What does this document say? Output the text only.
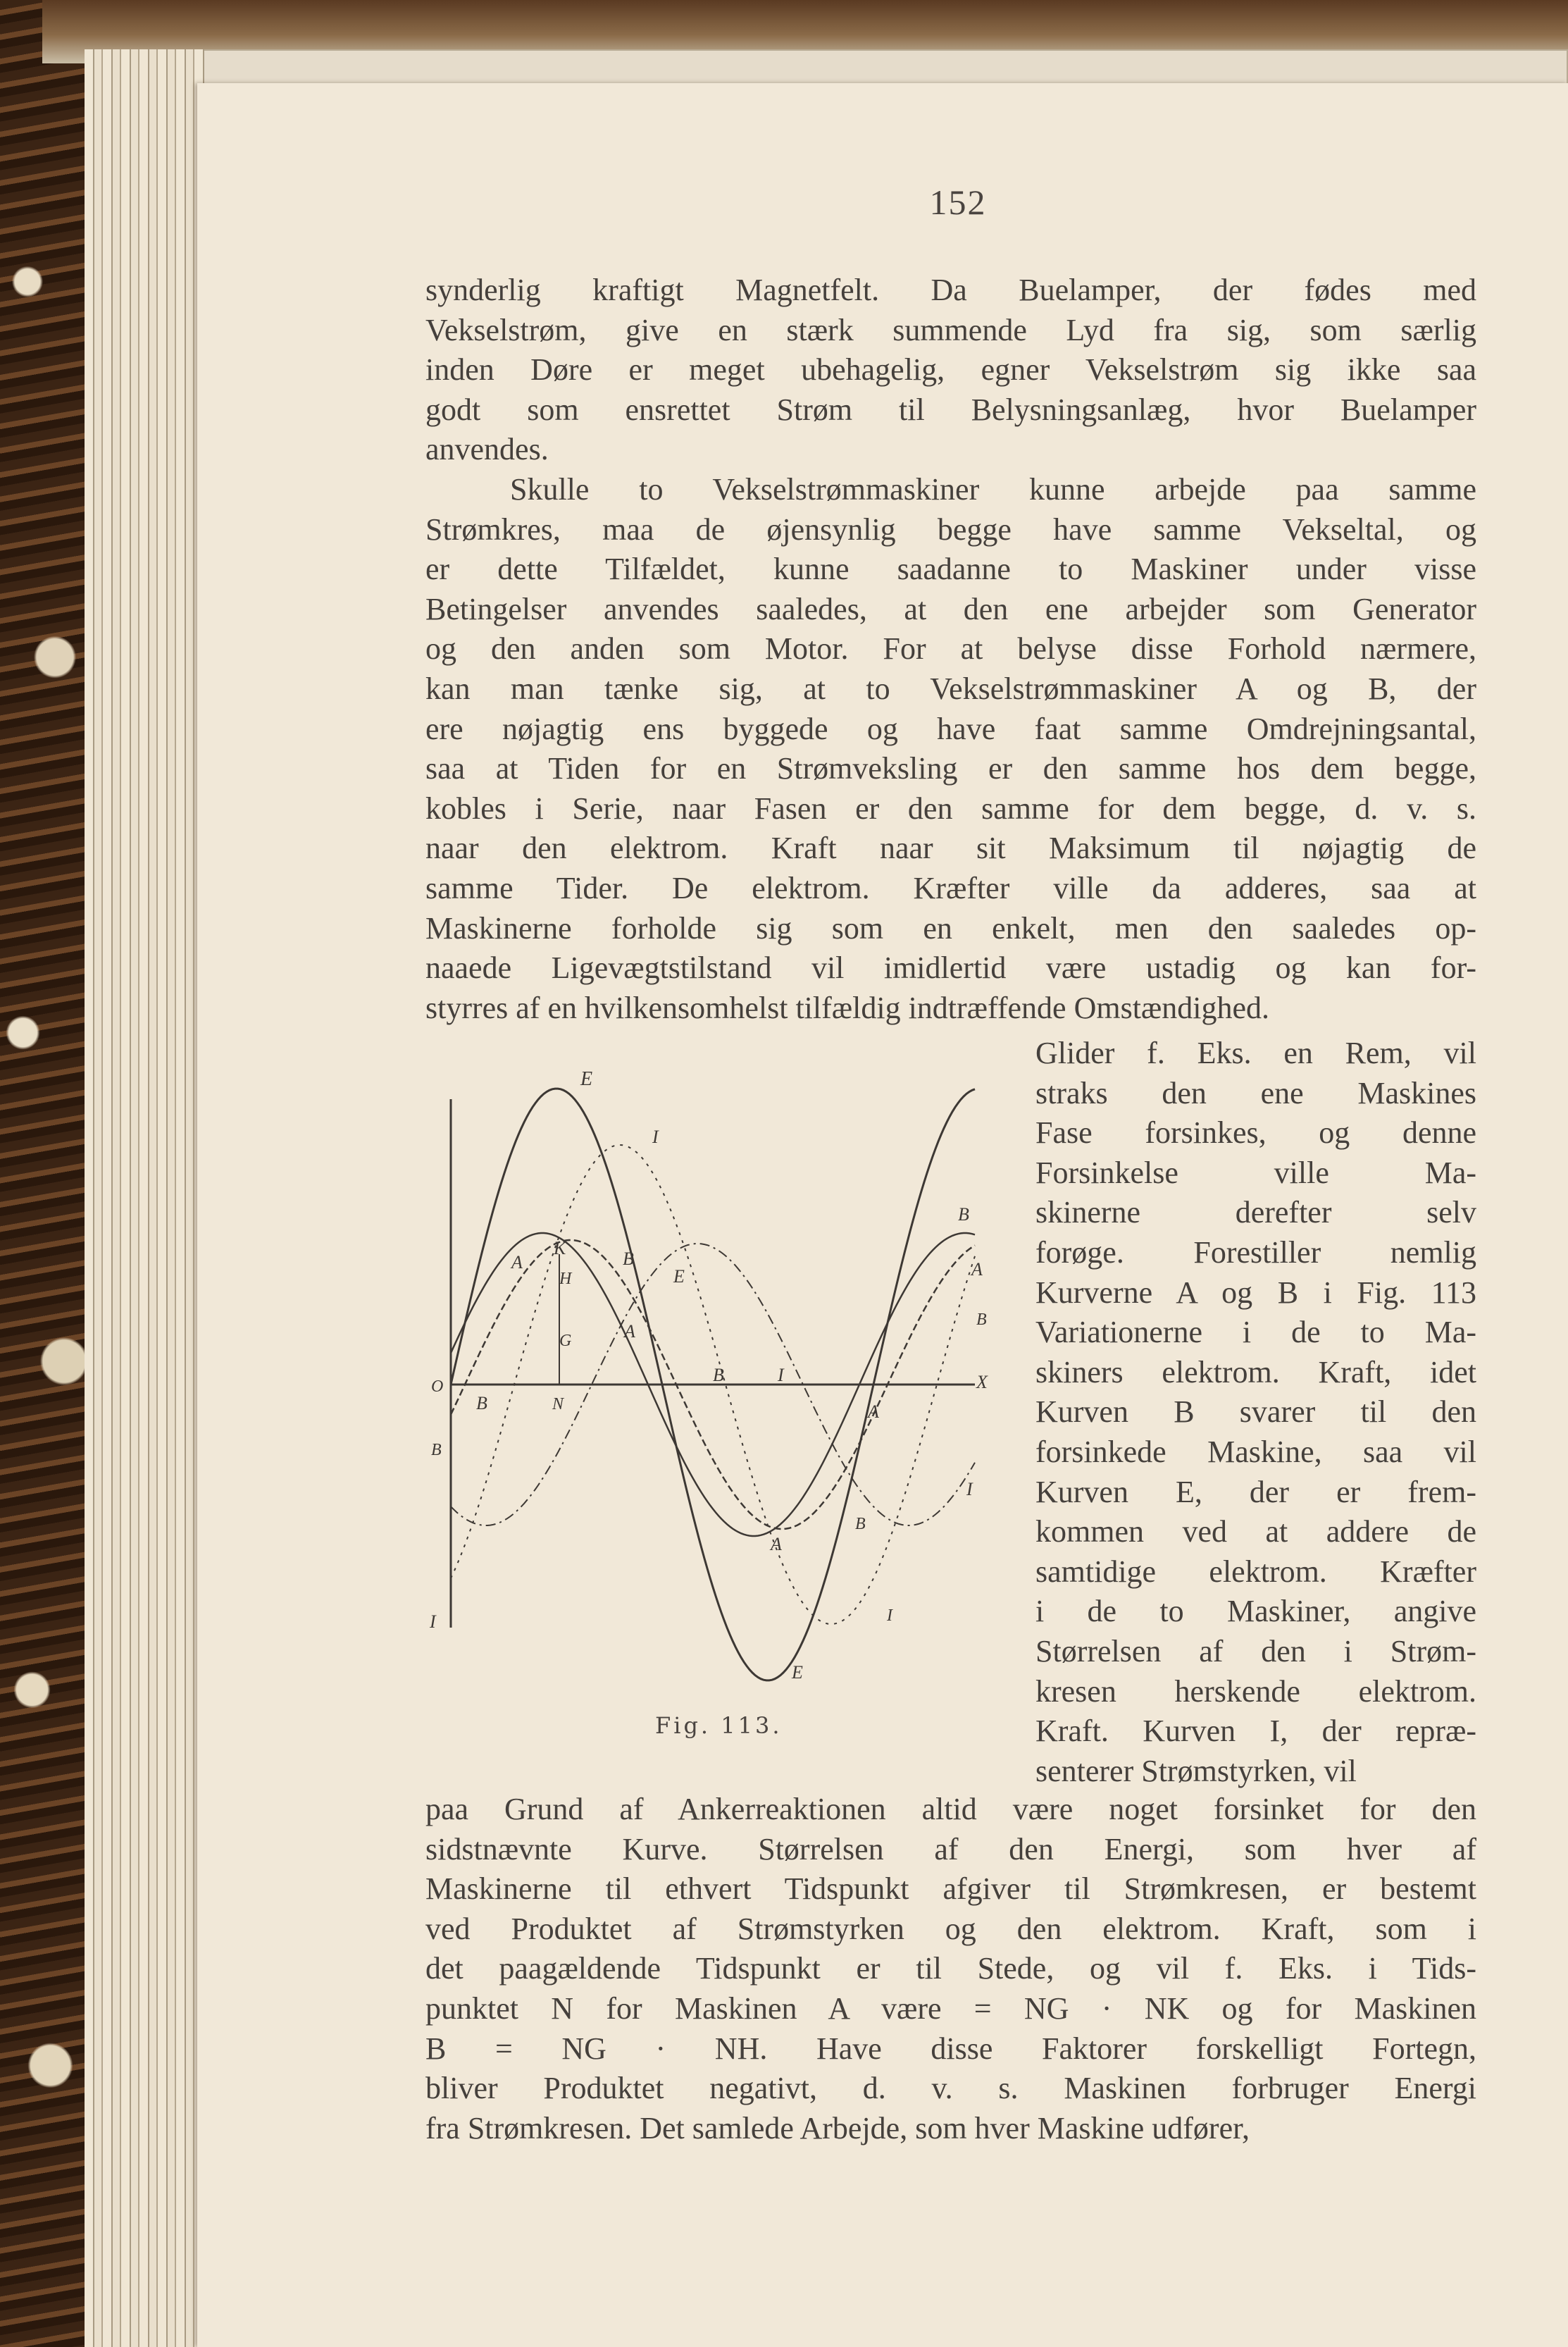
152
synderlig kraftigt Magnetfelt. Da Buelamper, der fødes med
Vekselstrøm, give en stærk summende Lyd fra sig, som særlig
inden Døre er meget ubehagelig, egner Vekselstrøm sig ikke saa
godt som ensrettet Strøm til Belysningsanlæg, hvor Buelamper
anvendes.
Skulle to Vekselstrømmaskiner kunne arbejde paa samme
Strømkres, maa de øjensynlig begge have samme Vekseltal, og
er dette Tilfældet, kunne saadanne to Maskiner under visse
Betingelser anvendes saaledes, at den ene arbejder som Generator
og den anden som Motor. For at belyse disse Forhold nærmere,
kan man tænke sig, at to Vekselstrømmaskiner A og B, der
ere nøjagtig ens byggede og have faat samme Omdrejningsantal,
saa at Tiden for en Strømveksling er den samme hos dem begge,
kobles i Serie, naar Fasen er den samme for dem begge, d. v. s.
naar den elektrom. Kraft naar sit Maksimum til nøjagtig de
samme Tider. De elektrom. Kræfter ville da adderes, saa at
Maskinerne forholde sig som en enkelt, men den saaledes op-
naaede Ligevægtstilstand vil imidlertid være ustadig og kan for-
styrres af en hvilkensomhelst tilfældig indtræffende Omstændighed.
Glider f. Eks. en Rem, vil
straks den ene Maskines
Fase forsinkes, og denne
Forsinkelse ville Ma-
skinerne derefter selv
forøge. Forestiller nemlig
Kurverne A og B i Fig. 113
Variationerne i de to Ma-
skiners elektrom. Kraft, idet
Kurven B svarer til den
forsinkede Maskine, saa vil
Kurven E, der er frem-
kommen ved at addere de
samtidige elektrom. Kræfter
i de to Maskiner, angive
Størrelsen af den i Strøm-
kresen herskende elektrom.
Kraft. Kurven I, der repræ-
senterer Strømstyrken, vil
paa Grund af Ankerreaktionen altid være noget forsinket for den
sidstnævnte Kurve. Størrelsen af den Energi, som hver af
Maskinerne til ethvert Tidspunkt afgiver til Strømkresen, er bestemt
ved Produktet af Strømstyrken og den elektrom. Kraft, som i
det paagældende Tidspunkt er til Stede, og vil f. Eks. i Tids-
punktet N for Maskinen A være = NG · NK og for Maskinen
B = NG · NH. Have disse Faktorer forskelligt Fortegn,
bliver Produktet negativt, d. v. s. Maskinen forbruger Energi
fra Strømkresen. Det samlede Arbejde, som hver Maskine udfører,
E
I
K
A
H
B
E
B
A
B
O
B	N
G	A
B	I
A
X
B
I
B
A
I
I
E
Fig. 113.
